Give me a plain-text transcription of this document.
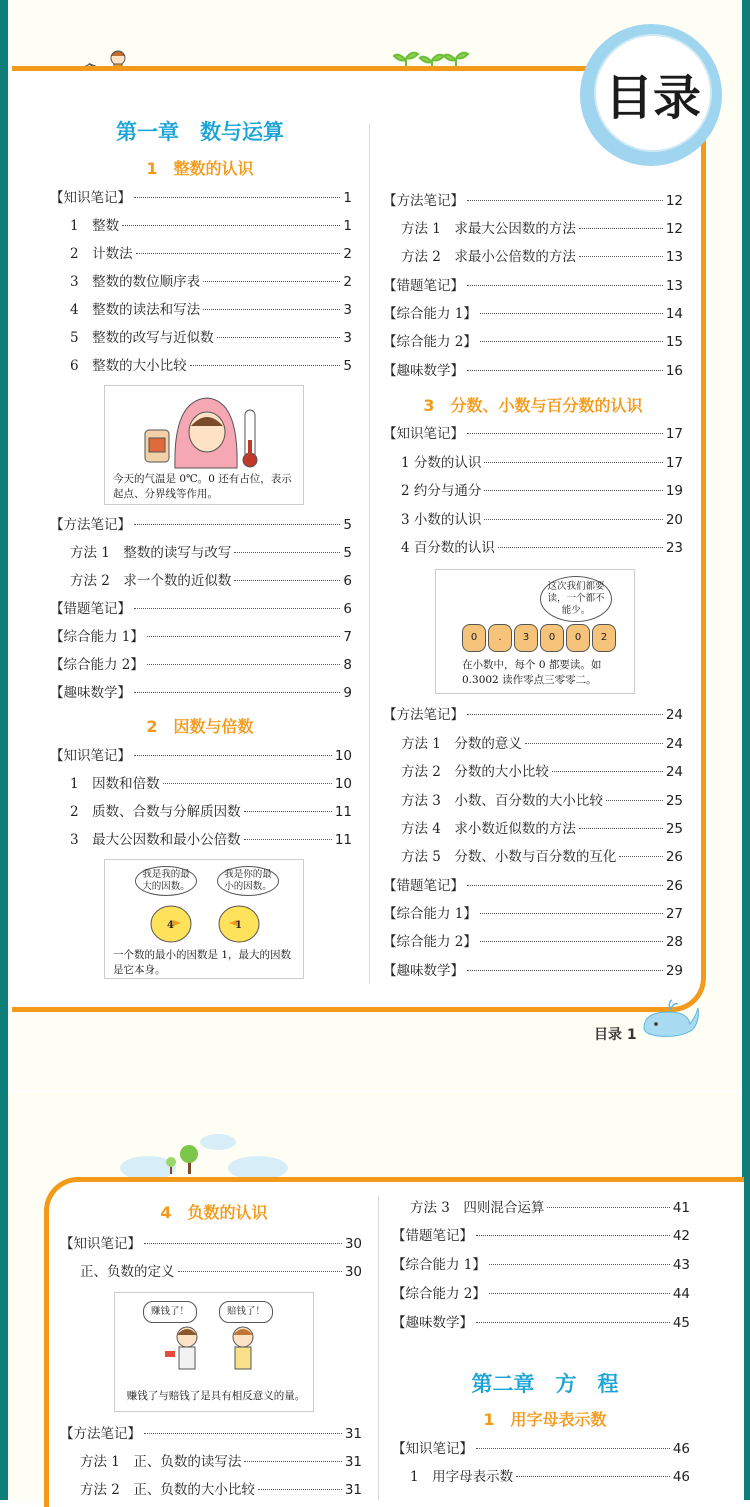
目录
第一章　数与运算
1　整数的认识
【知识笔记】	1
1　整数	1
2　计数法	2
3　整数的数位顺序表	2
4　整数的读法和写法	3
5　整数的改写与近似数	3
6　整数的大小比较	5
今天的气温是 0℃。0 还有占位，表示起点、分界线等作用。
【方法笔记】	5
方法 1　整数的读写与改写	5
方法 2　求一个数的近似数	6
【错题笔记】	6
【综合能力 1】	7
【综合能力 2】	8
【趣味数学】	9
2　因数与倍数
【知识笔记】	10
1　因数和倍数	10
2　质数、合数与分解质因数	11
3　最大公因数和最小公倍数	11
我是我的最大的因数。
我是你的最小的因数。
4	1
一个数的最小的因数是 1，最大的因数是它本身。
【方法笔记】	12
方法 1　求最大公因数的方法	12
方法 2　求最小公倍数的方法	13
【错题笔记】	13
【综合能力 1】	14
【综合能力 2】	15
【趣味数学】	16
3　分数、小数与百分数的认识
【知识笔记】	17
1 分数的认识	17
2 约分与通分	19
3 小数的认识	20
4 百分数的认识	23
这次我们都要读，一个都不能少。
0	.	3	0	0	2
在小数中，每个 0 都要读。如 0.3002 读作零点三零零二。
【方法笔记】	24
方法 1　分数的意义	24
方法 2　分数的大小比较	24
方法 3　小数、百分数的大小比较	25
方法 4　求小数近似数的方法	25
方法 5　分数、小数与百分数的互化	26
【错题笔记】	26
【综合能力 1】	27
【综合能力 2】	28
【趣味数学】	29
目录 1
4　负数的认识
【知识笔记】	30
正、负数的定义	30
赚钱了！	赔钱了！
赚钱了与赔钱了是具有相反意义的量。
【方法笔记】	31
方法 1　正、负数的读写法	31
方法 2　正、负数的大小比较	31
方法 3　四则混合运算	41
【错题笔记】	42
【综合能力 1】	43
【综合能力 2】	44
【趣味数学】	45
第二章　方　程
1　用字母表示数
【知识笔记】	46
1　用字母表示数	46
